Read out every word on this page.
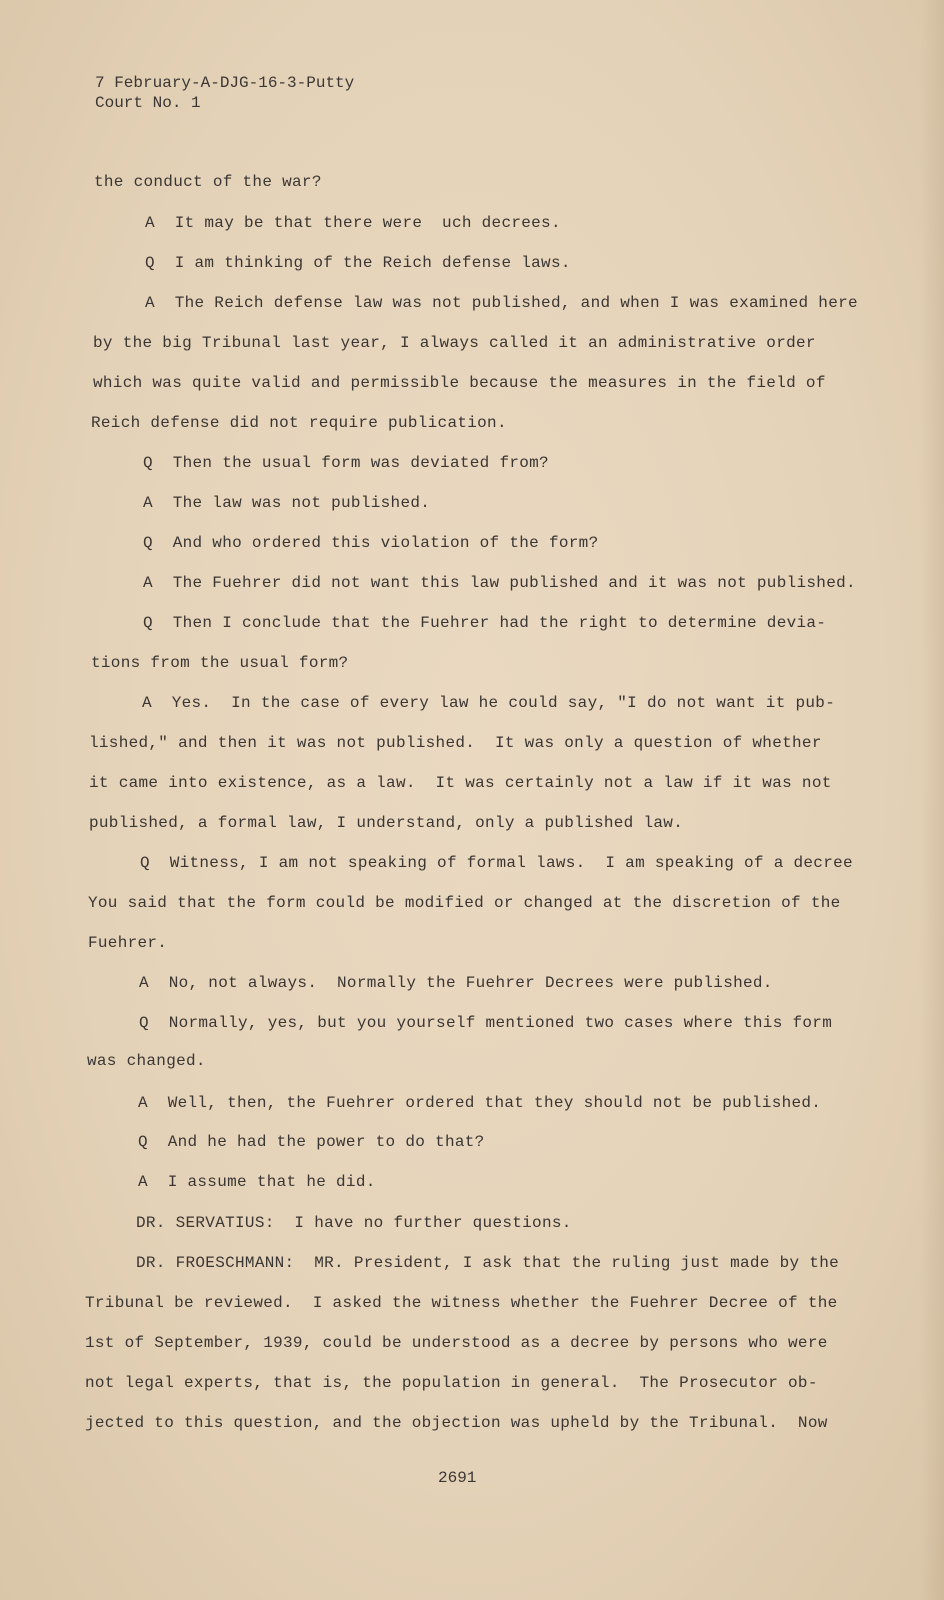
7 February-A-DJG-16-3-Putty
Court No. 1
the conduct of the war?
A  It may be that there were  uch decrees.
Q  I am thinking of the Reich defense laws.
A  The Reich defense law was not published, and when I was examined here
by the big Tribunal last year, I always called it an administrative order
which was quite valid and permissible because the measures in the field of
Reich defense did not require publication.
Q  Then the usual form was deviated from?
A  The law was not published.
Q  And who ordered this violation of the form?
A  The Fuehrer did not want this law published and it was not published.
Q  Then I conclude that the Fuehrer had the right to determine devia-
tions from the usual form?
A  Yes.  In the case of every law he could say, "I do not want it pub-
lished," and then it was not published.  It was only a question of whether
it came into existence, as a law.  It was certainly not a law if it was not
published, a formal law, I understand, only a published law.
Q  Witness, I am not speaking of formal laws.  I am speaking of a decree
You said that the form could be modified or changed at the discretion of the
Fuehrer.
A  No, not always.  Normally the Fuehrer Decrees were published.
Q  Normally, yes, but you yourself mentioned two cases where this form
was changed.
A  Well, then, the Fuehrer ordered that they should not be published.
Q  And he had the power to do that?
A  I assume that he did.
DR. SERVATIUS:  I have no further questions.
DR. FROESCHMANN:  MR. President, I ask that the ruling just made by the
Tribunal be reviewed.  I asked the witness whether the Fuehrer Decree of the
1st of September, 1939, could be understood as a decree by persons who were
not legal experts, that is, the population in general.  The Prosecutor ob-
jected to this question, and the objection was upheld by the Tribunal.  Now
2691
